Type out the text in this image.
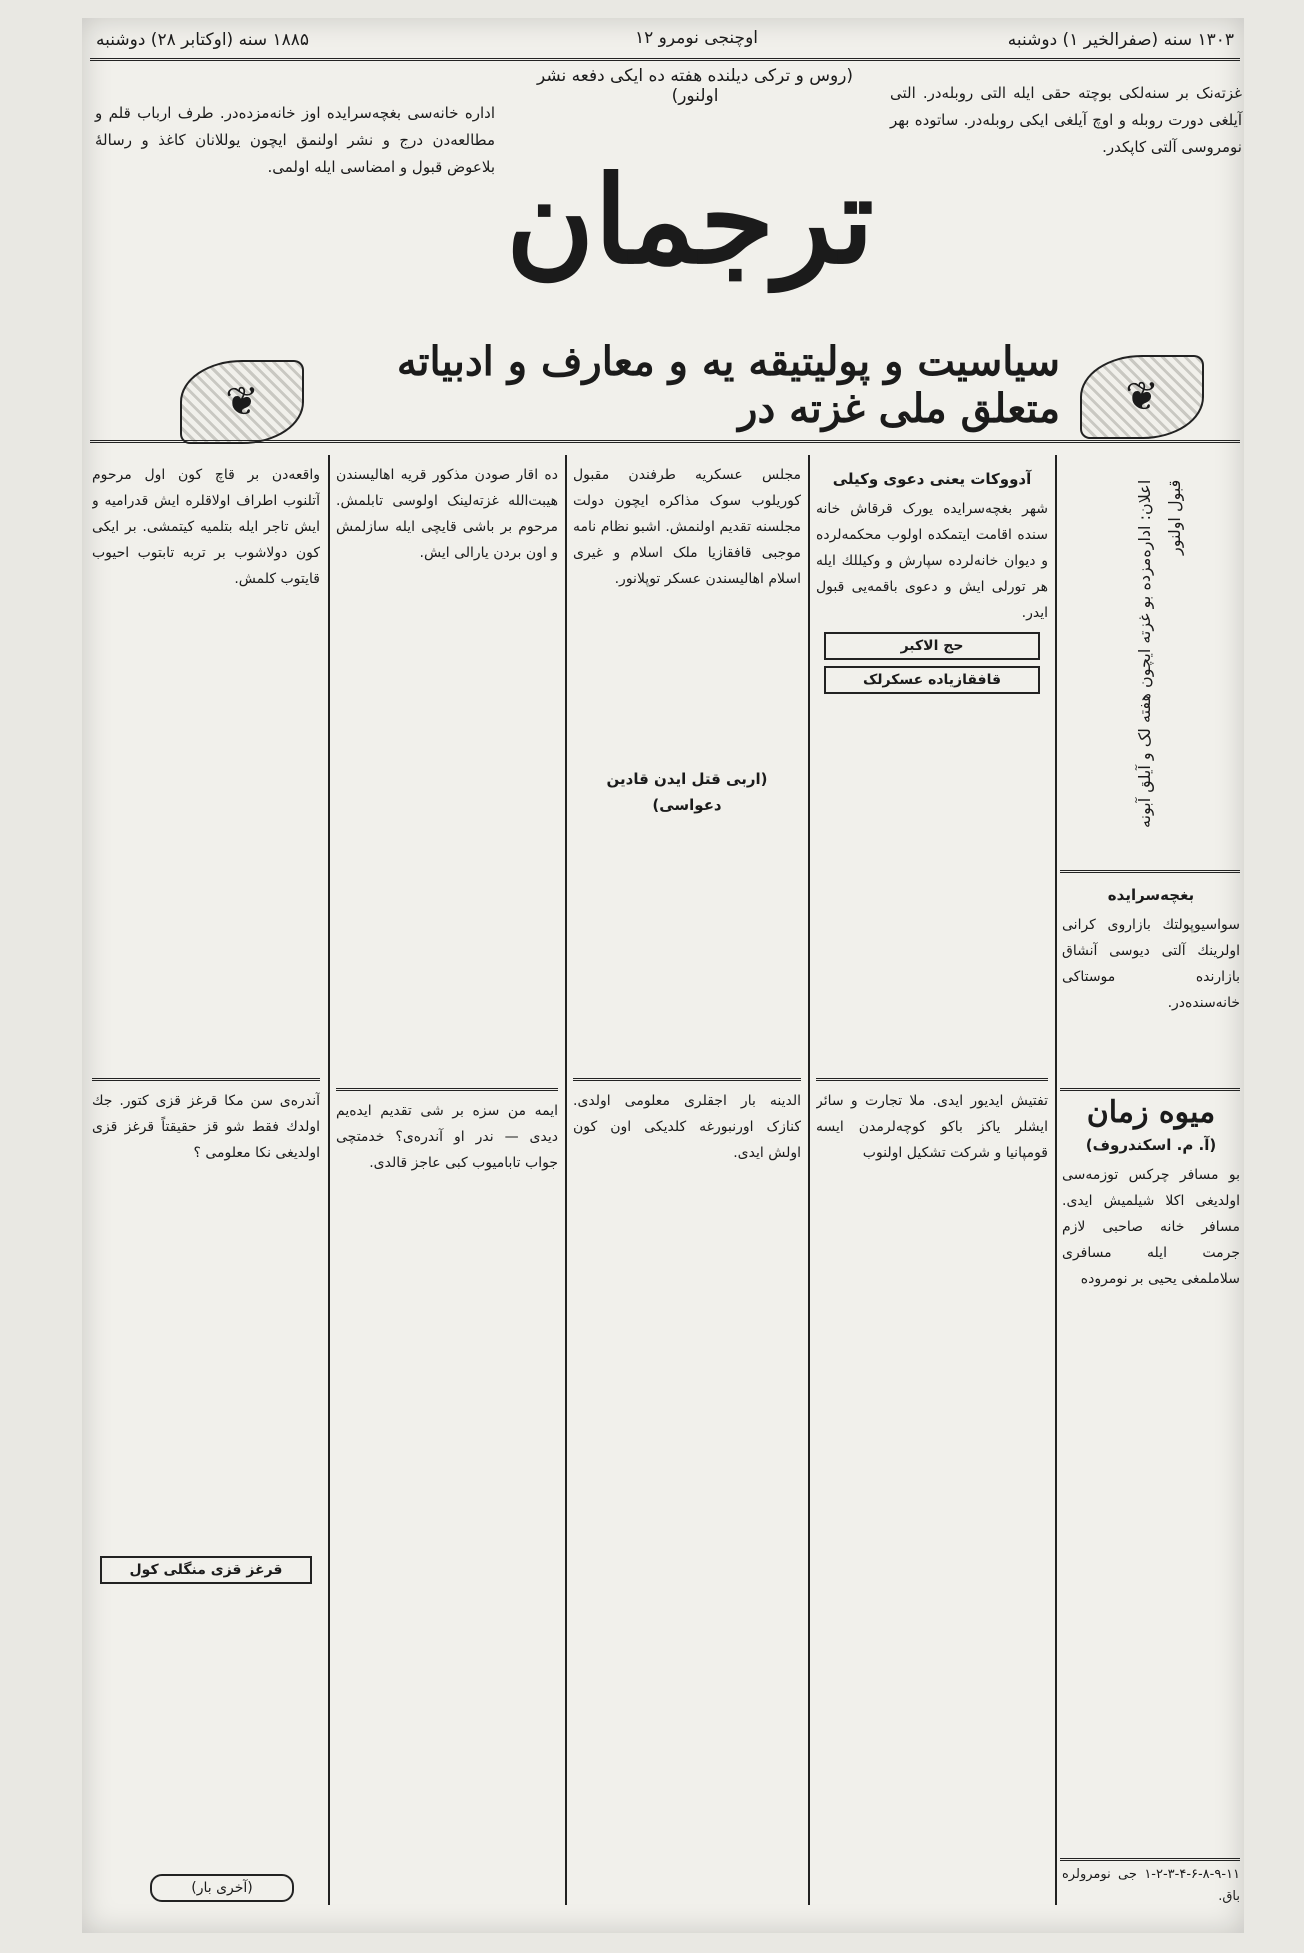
۱۸۸۵ سنه (اوکتابر ۲۸) دوشنبه	اوچنجی نومرو ۱۲	۱۳۰۳ سنه (صفرالخیر ۱) دوشنبه
(روس و ترکی دیلنده هفته ده ایکی دفعه نشر اولنور)
اداره خانه‌سی بغچه‌سرایده اوز خانه‌مزده‌در. طرف ارباب قلم و مطالعه‌دن درج و نشر اولنمق ایچون یوللانان کاغذ و رسالهٔ بلاعوض قبول و امضاسی ایله اولمی.
غزته‌نک بر سنه‌لکی بوچته حقی ایله التی روبله‌در. التی آیلغی دورت روبله و اوچ آیلغی ایکی روبله‌در. ساتوده بهر نومروسی آلتی کاپکدر.
ترجمان
❦	❦
سیاسیت و پولیتیقه یه و معارف و ادبیاته متعلق ملی غزته در
واقعه‌دن بر قاچ کون اول مرحوم آتلنوب اطراف اولاقلره ایش قدرامیه و ایش تاجر ایله بتلمیه کیتمشی. بر ایکی کون دولاشوب بر تربه تابتوب احیوب قایتوب کلمش.
آندره‌ی سن مکا قرغز قزی کتور. جك اولدك فقط شو قز حقیقتاً قرغز قزی اولدیغی نکا معلومی‌ ؟
قرغز قزی منگلی کول
(آخری بار)
ده اقار صودن مذکور قریه اهالیسندن هیبت‌الله غزته‌لینک اولوسی تابلمش. مرحوم بر باشی قایچی ایله سازلمش و اون بردن یارالی ایش.
ایمه من سزه بر شی تقدیم ایده‌یم دیدی — ندر او آندره‌ی؟ خدمتچی جواب تابامیوب کبی عاجز قالدی.
مجلس عسکریه طرفندن مقبول کوریلوب سوک مذاکره ایچون دولت مجلسنه تقدیم اولنمش. اشبو نظام نامه موجبی قافقازیا ملک اسلام و غیری اسلام اهالیسندن عسکر توپلانور.
(اربی قتل ایدن قادین دعواسی)
الدینه بار اجقلری معلومی اولدی. کنازک اورنبورغه کلدیکی اون کون اولش ایدی.
آدووکات یعنی دعوی وکیلی
شهر بغچه‌سرایده یورک قرقاش خانه سنده اقامت ایتمکده اولوب محکمه‌لرده و دیوان خانه‌لرده سپارش و وکیللك ایله هر تورلی ایش و دعوی باقمه‌یی قبول ایدر.
حج الاکبر
قافقازیاده عسکرلک
تفتیش ایدیور ایدی. ملا تجارت و سائر ایشلر یاکز باکو کوچه‌لرمدن ایسه قومپانیا و شرکت تشکیل اولنوب
اعلان: اداره‌مزده بو غزته ایچون هفته لک و آیلق آبونه قبول اولنور
بغچه‌سرایده
سواسیوپولتك بازاروی کرانی اولرینك آلتی دیوسی آنشاق بازارنده موستاکی خانه‌سنده‌در.
میوه زمان
(آ. م. اسکندروف)
بو مسافر چرکس توزمه‌سی اولدیغی اکلا شیلمیش ایدی. مسافر خانه صاحبی لازم جرمت ایله مسافری سلاملمغی یحیی بر نومروده
۱-۲-۳-۴-۶-۸-۹-۱۱ جی نومرولره باق.
